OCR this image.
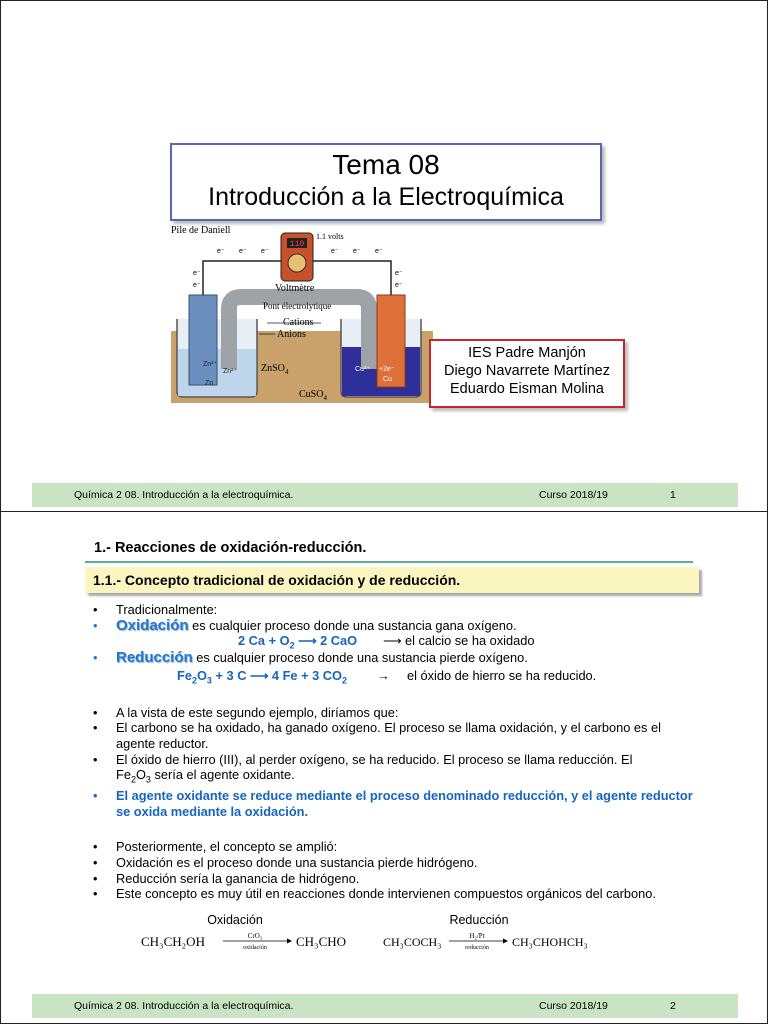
Tema 08
Introducción a la Electroquímica
110
Pile de Daniell
1.1 volts
Voltmètre
Pont électrolytique
Cations
Anions
ZnSO$_4$
CuSO$_4$
Zn²⁺
Zn²⁺
Zn
Cu²⁺ +2e⁻
Cu
e⁻ e⁻ e⁻	e⁻ e⁻ e⁻
e⁻
e⁻
e⁻
e⁻
IES Padre Manjón
Diego Navarrete Martínez
Eduardo Eisman Molina
Química 2 08. Introducción a la electroquímica.	Curso 2018/19	1
1.- Reacciones de oxidación-reducción.
1.1.- Concepto tradicional de oxidación y de reducción.
• Tradicionalmente:
• Oxidación es cualquier proceso donde una sustancia gana oxígeno.
2 $Ca + O_2$ ⟶ 2 CaO ⟶ el calcio se ha oxidado
• Reducción es cualquier proceso donde una sustancia pierde oxígeno.
$Fe_2O_3 + 3$ C ⟶ 4 Fe + 3 $CO_2$ → el óxido de hierro se ha reducido.
• A la vista de este segundo ejemplo, diríamos que:
• El carbono se ha oxidado, ha ganado oxígeno. El proceso se llama oxidación, y el carbono es el agente reductor.
• El óxido de hierro (III), al perder oxígeno, se ha reducido. El proceso se llama reducción. El
$Fe_2O_3$ sería el agente oxidante.
• El agente oxidante se reduce mediante el proceso denominado reducción, y el agente reductor se oxida mediante la oxidación.
• Posteriormente, el concepto se amplió:
• Oxidación es el proceso donde una sustancia pierde hidrógeno.
• Reducción sería la ganancia de hidrógeno.
• Este concepto es muy útil en reacciones donde intervienen compuestos orgánicos del carbono.
Oxidación
CH₃CH₂OH	CrO₃
oxidación CH₃CHO
Reducción
CH₃COCH₃	H₂/Pt
reducción CH₃CHOHCH₃
Química 2 08. Introducción a la electroquímica.	Curso 2018/19	2
